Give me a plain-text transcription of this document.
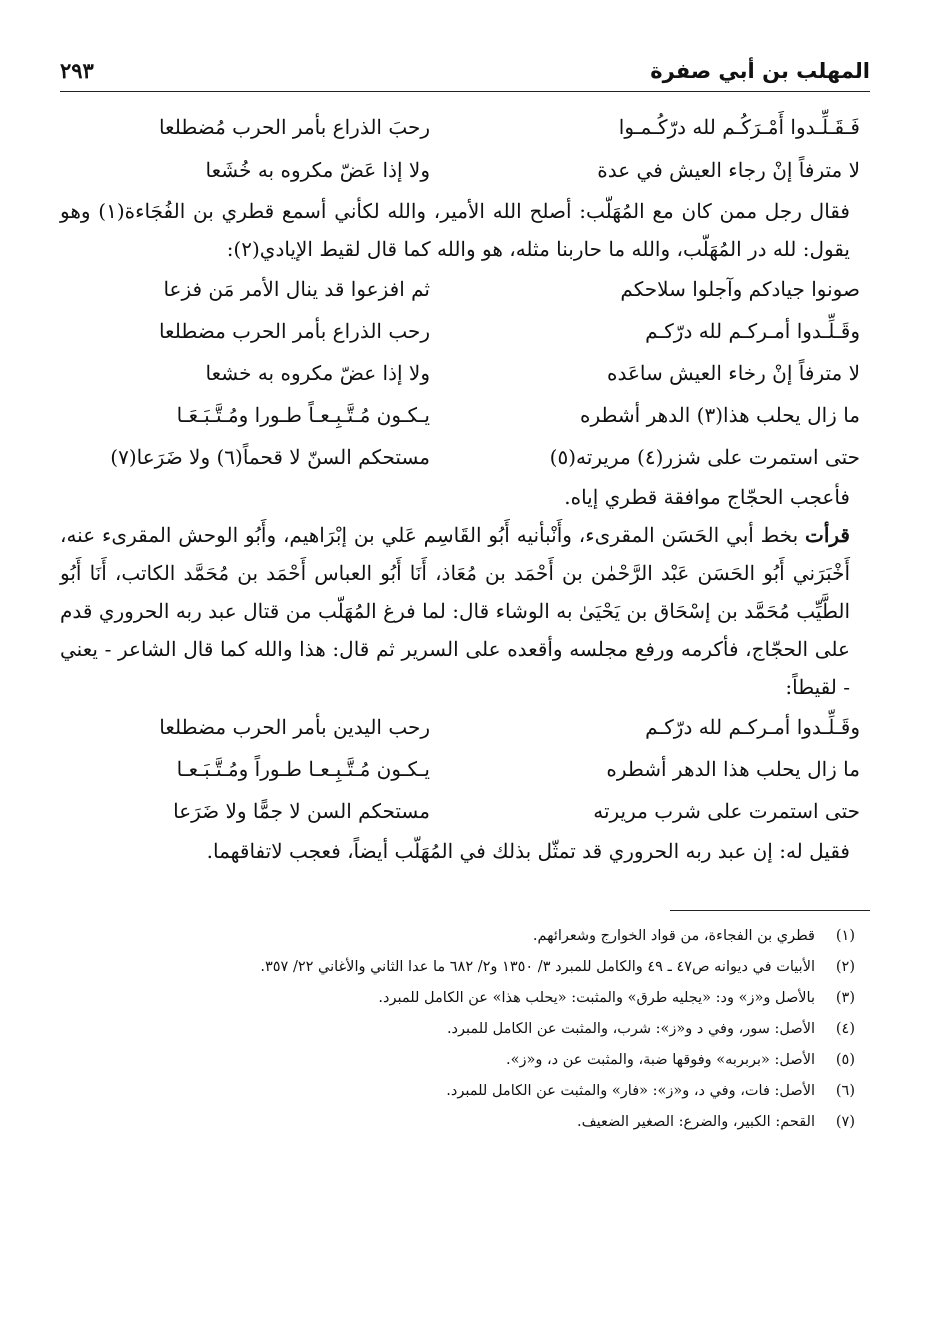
المهلب بن أبي صفرة
٢٩٣
فَـقَـلِّـدوا أَمْـرَكُـم لله درّكُـمـوا
رحبَ الذراع بأمر الحرب مُضطلعا
لا مترفاً إنْ رجاء العيش في عدة
ولا إذا عَضّ مكروه به خُشَعا

فقال رجل ممن كان مع المُهَلّب: أصلح الله الأمير، والله لكأني أسمع قطري بن الفُجَاءة(١) وهو يقول: لله در المُهَلّب، والله ما حاربنا مثله، هو والله كما قال لقيط الإيادي(٢):

صونوا جيادكم وآجلوا سلاحكم
ثم افزعوا قد ينال الأمر مَن فزعا
وقَـلِّـدوا أمـركـم لله درّكـم
رحب الذراع بأمر الحرب مضطلعا
لا مترفاً إنْ رخاء العيش ساعَده
ولا إذا عضّ مكروه به خشعا
ما زال يحلب هذا(٣) الدهر أشطره
يـكـون مُـتَّـبِـعـاً طـورا ومُـتَّـبَـعَـا
حتى استمرت على شزر(٤) مريرته(٥)
مستحكم السنّ لا قحماً(٦) ولا ضَرَعا(٧)

فأعجب الحجّاج موافقة قطري إياه.

قرأت بخط أبي الحَسَن المقرىء، وأَنْبأنيه أَبُو القَاسِم عَلي بن إبْرَاهيم، وأَبُو الوحش المقرىء عنه، أَخْبَرَني أَبُو الحَسَن عَبْد الرَّحْمٰن بن أَحْمَد بن مُعَاذ، أَنَا أَبُو العباس أَحْمَد بن مُحَمَّد الكاتب، أَنَا أَبُو الطَّيِّب مُحَمَّد بن إسْحَاق بن يَحْيَىٰ به الوشاء قال: لما فرغ المُهَلّب من قتال عبد ربه الحروري قدم على الحجّاج، فأكرمه ورفع مجلسه وأقعده على السرير ثم قال: هذا والله كما قال الشاعر - يعني - لقيطاً:

وقَـلِّـدوا أمـركـم لله درّكـم
رحب اليدين بأمر الحرب مضطلعا
ما زال يحلب هذا الدهر أشطره
يـكـون مُـتَّـبِـعـا طـوراً ومُـتَّـبَـعـا
حتى استمرت على شرب مريرته
مستحكم السن لا جمًّا ولا ضَرَعا

فقيل له: إن عبد ربه الحروري قد تمثّل بذلك في المُهَلّب أيضاً، فعجب لاتفاقهما.

(١)
قطري بن الفجاءة، من قواد الخوارج وشعرائهم.
(٢)
الأبيات في ديوانه ص٤٧ ـ ٤٩ والكامل للمبرد ٣/ ١٣٥٠ و٢/ ٦٨٢ ما عدا الثاني والأغاني ٢٢/ ٣٥٧.
(٣)
بالأصل و«ز» ود: «يجليه طرق» والمثبت: «يحلب هذا» عن الكامل للمبرد.
(٤)
الأصل: سور، وفي د و«ز»: شرب، والمثبت عن الكامل للمبرد.
(٥)
الأصل: «بربربه» وفوقها ضبة، والمثبت عن د، و«ز».
(٦)
الأصل: فات، وفي د، و«ز»: «فار» والمثبت عن الكامل للمبرد.
(٧)
القحم: الكبير، والضرع: الصغير الضعيف.
